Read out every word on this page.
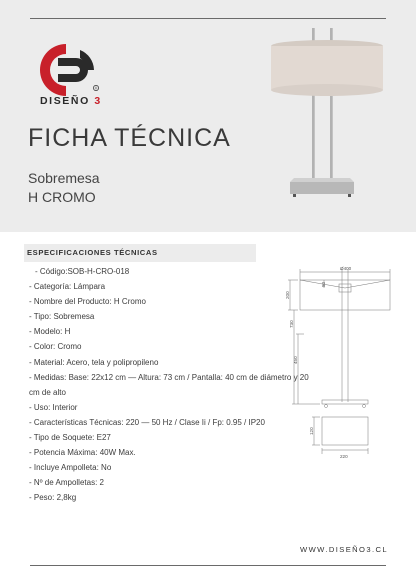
®
DISEÑO 3
FICHA TÉCNICA
Sobremesa
H CROMO
ESPECIFICACIONES TÉCNICAS
- Código:SOB-H-CRO-018
- Categoría: Lámpara
- Nombre del Producto: H Cromo
- Tipo: Sobremesa
- Modelo: H
- Color: Cromo
- Material: Acero, tela y polipropileno
- Medidas: Base: 22x12 cm — Altura: 73 cm / Pantalla: 40 cm de diámetro y 20 cm de alto
- Uso: Interior
- Características Técnicas: 220 — 50 Hz / Clase Ii / Fp: 0.95 / IP20
- Tipo de Soquete: E27
- Potencia Máxima: 40W Max.
- Incluye Ampolleta: No
- Nº de Ampolletas: 2
- Peso: 2,8kg
Ø400
80
200
730
450
120
220
WWW.DISEÑO3.CL
